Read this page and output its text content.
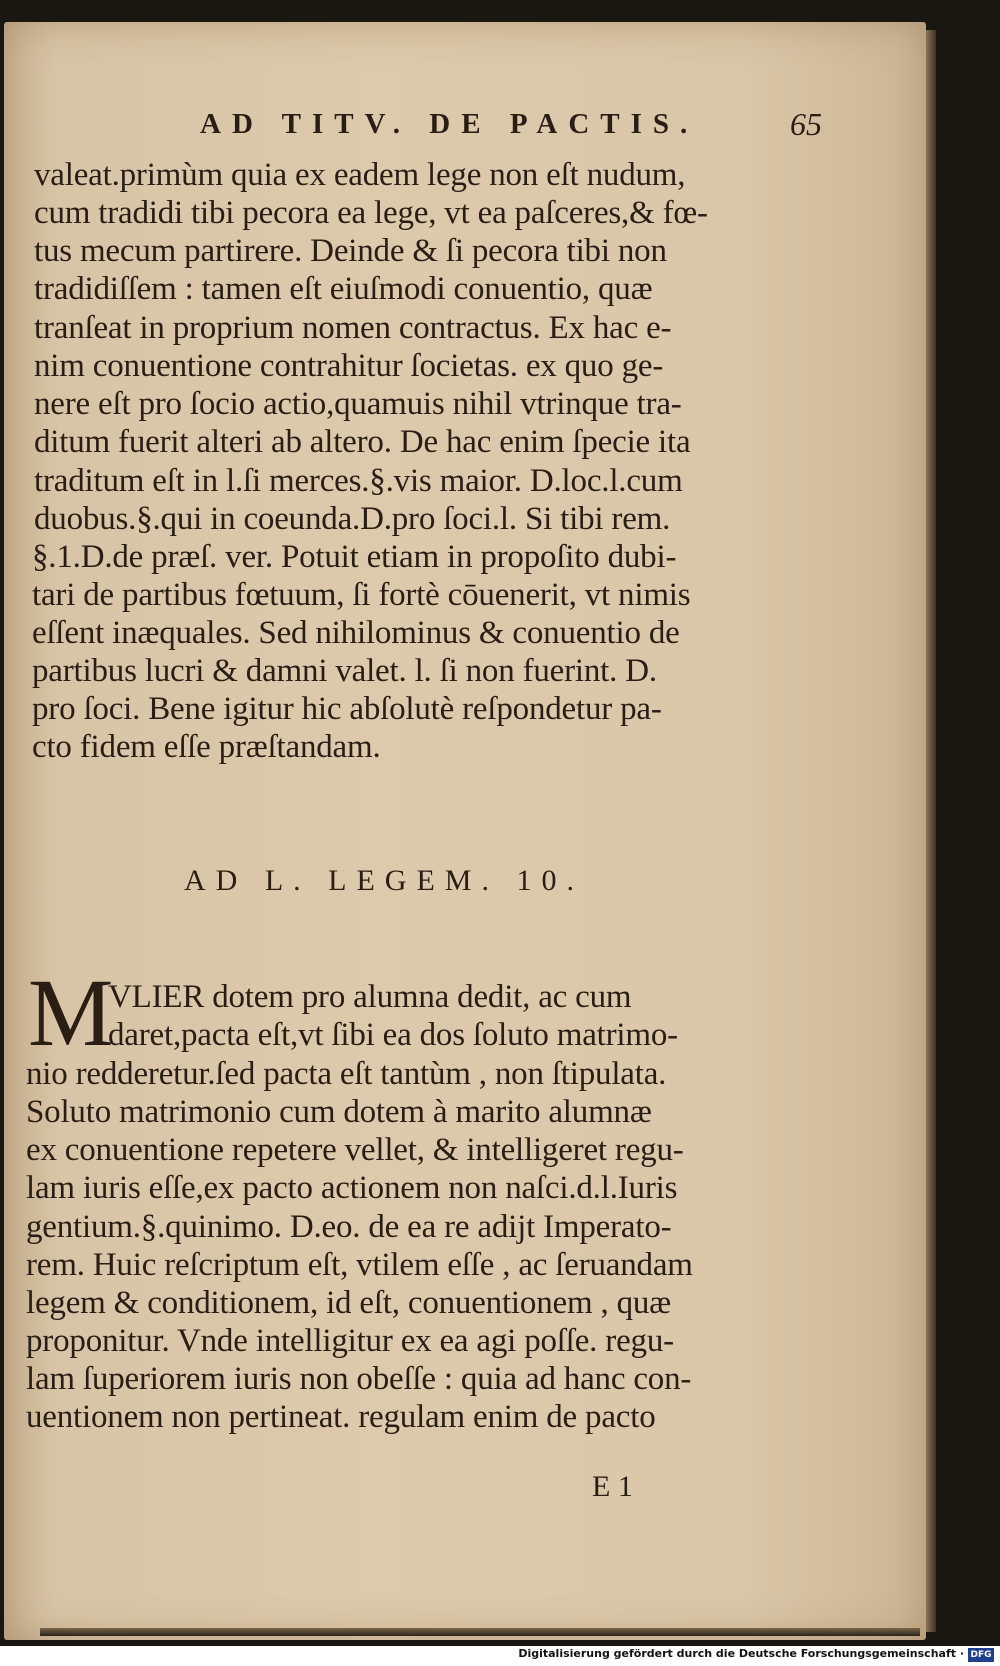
AD TITV. DE PACTIS.	65
valeat.primùm quia ex eadem lege non eſt nudum,
cum tradidi tibi pecora ea lege, vt ea paſceres,& fœ-
tus mecum partirere. Deinde & ſi pecora tibi non
tradidiſſem : tamen eſt eiuſmodi conuentio, quæ
tranſeat in proprium nomen contractus. Ex hac e-
nim conuentione contrahitur ſocietas. ex quo ge-
nere eſt pro ſocio actio,quamuis nihil vtrinque tra-
ditum fuerit alteri ab altero. De hac enim ſpecie ita
traditum eſt in l.ſi merces.§.vis maior. D.loc.l.cum
duobus.§.qui in coeunda.D.pro ſoci.l. Si tibi rem.
§.1.D.de præſ. ver. Potuit etiam in propoſito dubi-
tari de partibus fœtuum, ſi fortè cōuenerit, vt nimis
eſſent inæquales. Sed nihilominus & conuentio de
partibus lucri & damni valet. l. ſi non fuerint. D.
pro ſoci. Bene igitur hic abſolutè reſpondetur pa-
cto fidem eſſe præſtandam.
AD L. LEGEM. 10.
M
VLIER dotem pro alumna dedit, ac cum
daret,pacta eſt,vt ſibi ea dos ſoluto matrimo-
nio redderetur.ſed pacta eſt tantùm , non ſtipulata.
Soluto matrimonio cum dotem à marito alumnæ
ex conuentione repetere vellet, & intelligeret regu-
lam iuris eſſe,ex pacto actionem non naſci.d.l.Iuris
gentium.§.quinimo. D.eo. de ea re adijt Imperato-
rem. Huic reſcriptum eſt, vtilem eſſe , ac ſeruandam
legem & conditionem, id eſt, conuentionem , quæ
proponitur. Vnde intelligitur ex ea agi poſſe. regu-
lam ſuperiorem iuris non obeſſe : quia ad hanc con-
uentionem non pertineat. regulam enim de pacto
E 1
Digitalisierung gefördert durch die Deutsche Forschungsgemeinschaft · DFG
